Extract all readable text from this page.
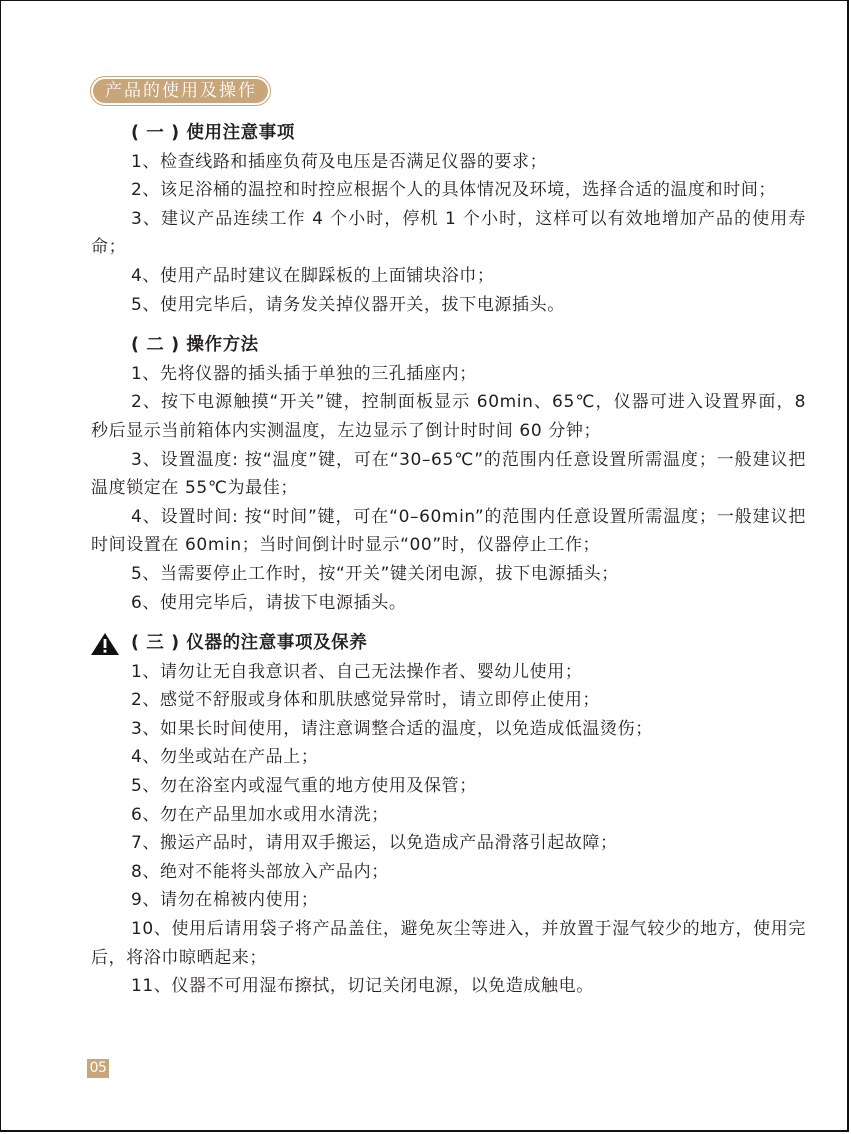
产品的使用及操作
( 一 ) 使用注意事项
1、检查线路和插座负荷及电压是否满足仪器的要求；
2、该足浴桶的温控和时控应根据个人的具体情况及环境，选择合适的温度和时间；
3、建议产品连续工作 4 个小时，停机 1 个小时，这样可以有效地增加产品的使用寿命；
4、使用产品时建议在脚踩板的上面铺块浴巾；
5、使用完毕后，请务发关掉仪器开关，拔下电源插头。
( 二 ) 操作方法
1、先将仪器的插头插于单独的三孔插座内；
2、按下电源触摸“开关”键，控制面板显示 60min、65℃，仪器可进入设置界面，8 秒后显示当前箱体内实测温度，左边显示了倒计时时间 60 分钟；
3、设置温度: 按“温度”键，可在“30–65℃”的范围内任意设置所需温度；一般建议把温度锁定在 55℃为最佳；
4、设置时间: 按“时间”键，可在“0–60min”的范围内任意设置所需温度；一般建议把时间设置在 60min；当时间倒计时显示“00”时，仪器停止工作；
5、当需要停止工作时，按“开关”键关闭电源，拔下电源插头；
6、使用完毕后，请拔下电源插头。
( 三 ) 仪器的注意事项及保养
1、请勿让无自我意识者、自己无法操作者、婴幼儿使用；
2、感觉不舒服或身体和肌肤感觉异常时，请立即停止使用；
3、如果长时间使用，请注意调整合适的温度，以免造成低温烫伤；
4、勿坐或站在产品上；
5、勿在浴室内或湿气重的地方使用及保管；
6、勿在产品里加水或用水清洗；
7、搬运产品时，请用双手搬运，以免造成产品滑落引起故障；
8、绝对不能将头部放入产品内；
9、请勿在棉被内使用；
10、使用后请用袋子将产品盖住，避免灰尘等进入，并放置于湿气较少的地方，使用完后，将浴巾晾晒起来；
11、仪器不可用湿布擦拭，切记关闭电源，以免造成触电。
05
